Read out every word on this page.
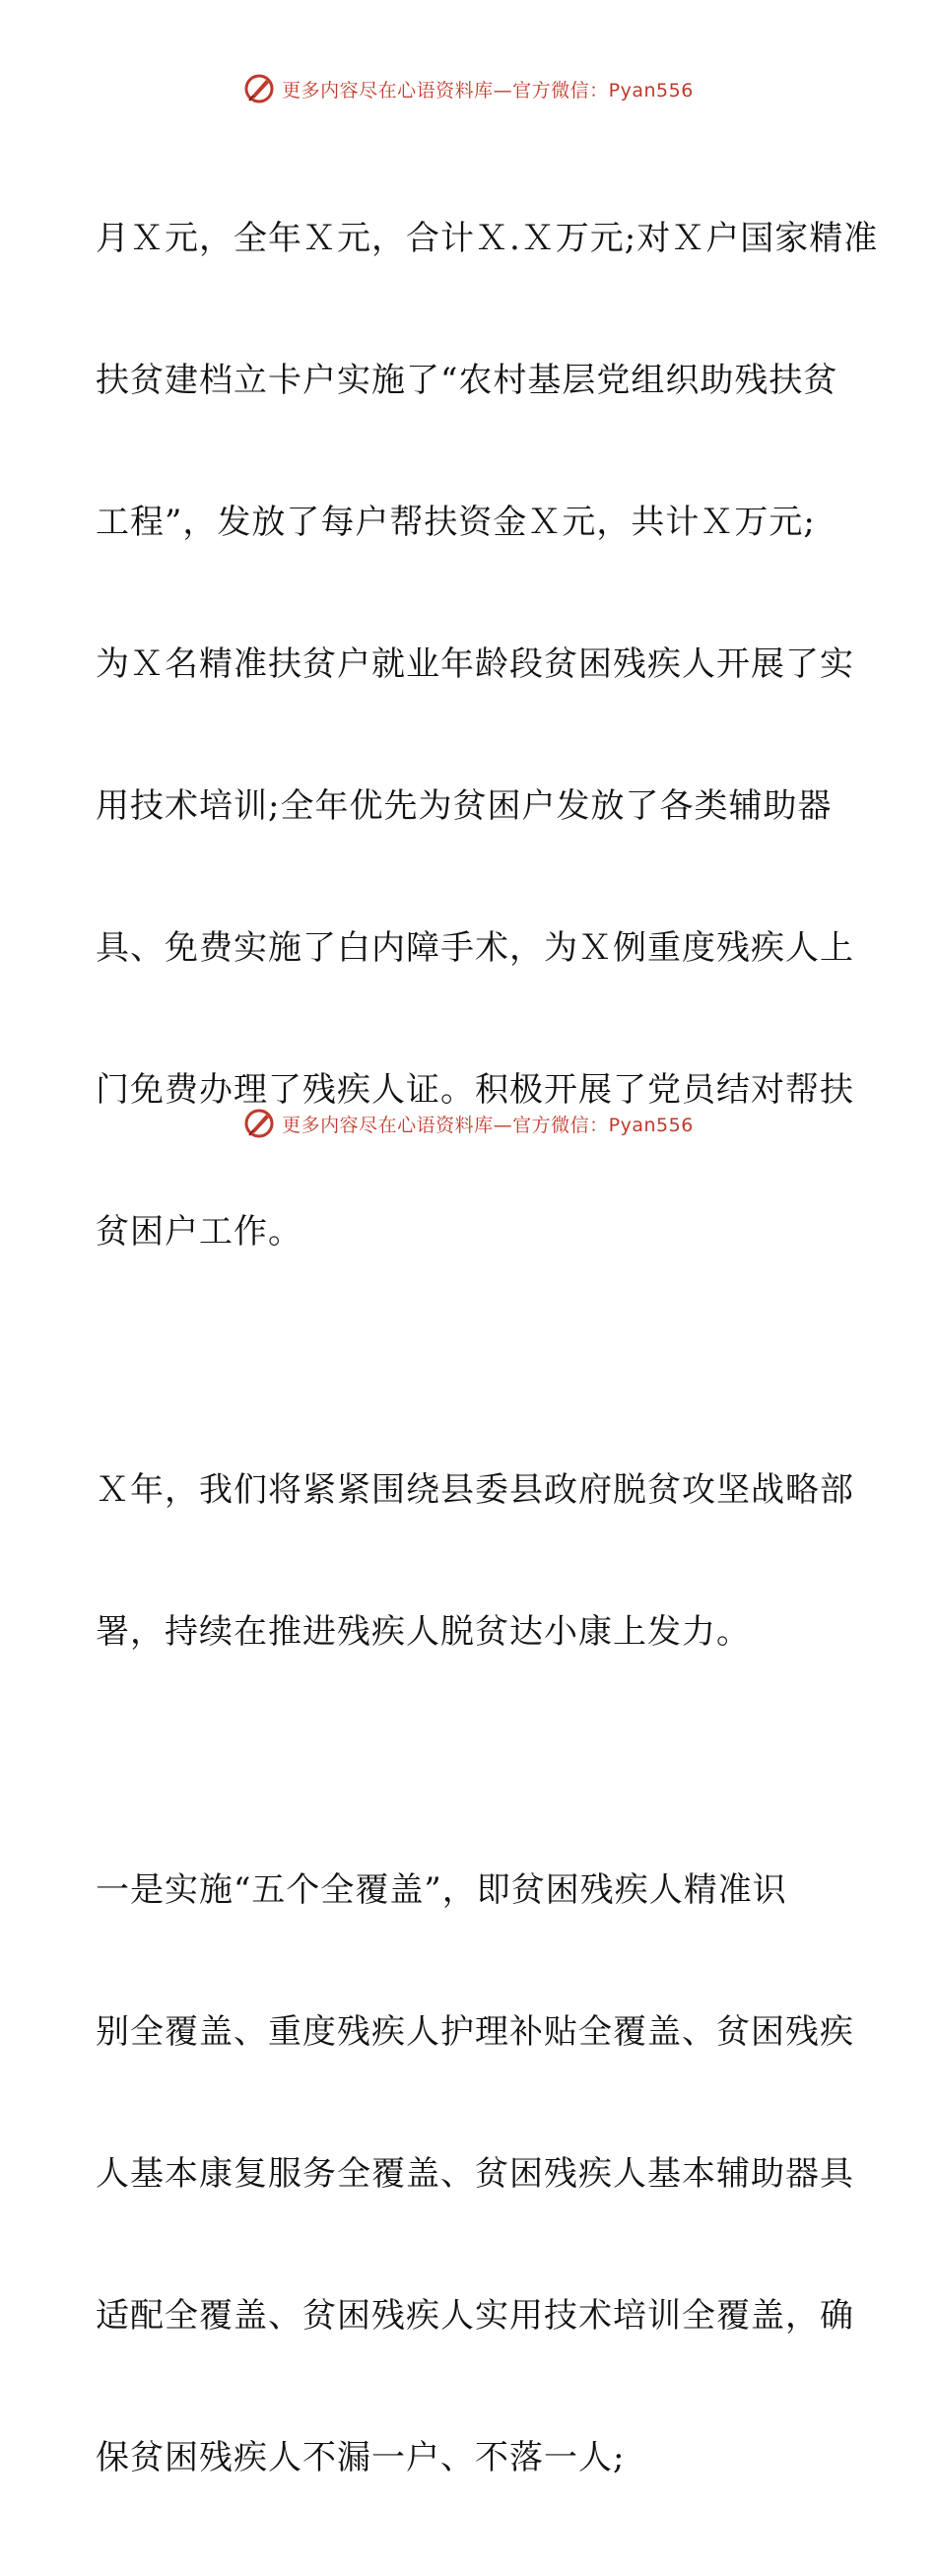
更多内容尽在心语资料库—官方微信：Pyan556

月Ｘ元，全年Ｘ元，合计Ｘ.Ｘ万元;对Ｘ户国家精准

扶贫建档立卡户实施了“农村基层党组织助残扶贫

工程”，发放了每户帮扶资金Ｘ元，共计Ｘ万元;

为Ｘ名精准扶贫户就业年龄段贫困残疾人开展了实

用技术培训;全年优先为贫困户发放了各类辅助器

具、免费实施了白内障手术，为Ｘ例重度残疾人上

门免费办理了残疾人证。积极开展了党员结对帮扶

贫困户工作。

Ｘ年，我们将紧紧围绕县委县政府脱贫攻坚战略部

署，持续在推进残疾人脱贫达小康上发力。

一是实施“五个全覆盖”，即贫困残疾人精准识

别全覆盖、重度残疾人护理补贴全覆盖、贫困残疾

人基本康复服务全覆盖、贫困残疾人基本辅助器具

适配全覆盖、贫困残疾人实用技术培训全覆盖，确

保贫困残疾人不漏一户、不落一人;

更多内容尽在心语资料库—官方微信：Pyan556
